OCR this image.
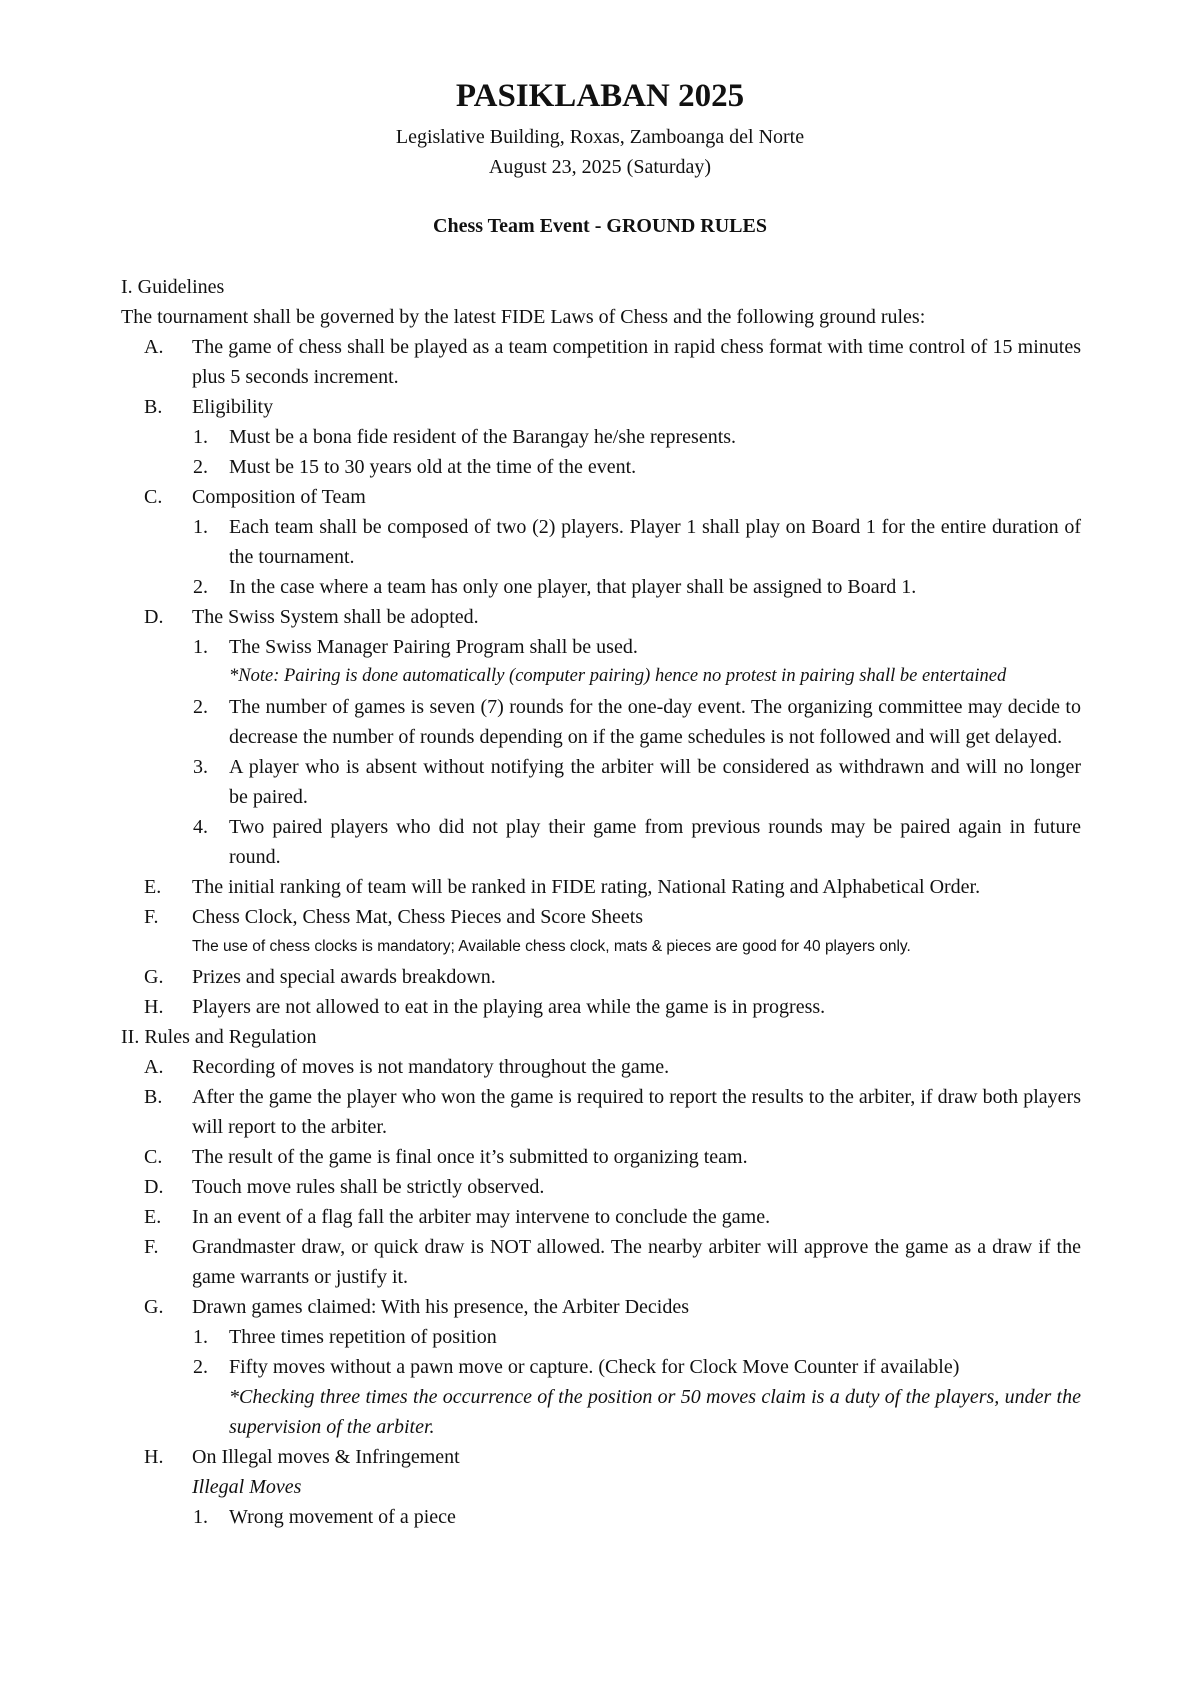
PASIKLABAN 2025
Legislative Building, Roxas, Zamboanga del Norte
August 23, 2025 (Saturday)
Chess Team Event - GROUND RULES
I. Guidelines
The tournament shall be governed by the latest FIDE Laws of Chess and the following ground rules:
A. The game of chess shall be played as a team competition in rapid chess format with time control of 15 minutes plus 5 seconds increment.
B. Eligibility
1. Must be a bona fide resident of the Barangay he/she represents.
2. Must be 15 to 30 years old at the time of the event.
C. Composition of Team
1. Each team shall be composed of two (2) players. Player 1 shall play on Board 1 for the entire duration of the tournament.
2. In the case where a team has only one player, that player shall be assigned to Board 1.
D. The Swiss System shall be adopted.
1. The Swiss Manager Pairing Program shall be used.
*Note: Pairing is done automatically (computer pairing) hence no protest in pairing shall be entertained
2. The number of games is seven (7) rounds for the one-day event. The organizing committee may decide to decrease the number of rounds depending on if the game schedules is not followed and will get delayed.
3. A player who is absent without notifying the arbiter will be considered as withdrawn and will no longer be paired.
4. Two paired players who did not play their game from previous rounds may be paired again in future round.
E. The initial ranking of team will be ranked in FIDE rating, National Rating and Alphabetical Order.
F. Chess Clock, Chess Mat, Chess Pieces and Score Sheets
The use of chess clocks is mandatory; Available chess clock, mats & pieces are good for 40 players only.
G. Prizes and special awards breakdown.
H. Players are not allowed to eat in the playing area while the game is in progress.
II. Rules and Regulation
A. Recording of moves is not mandatory throughout the game.
B. After the game the player who won the game is required to report the results to the arbiter, if draw both players will report to the arbiter.
C. The result of the game is final once it’s submitted to organizing team.
D. Touch move rules shall be strictly observed.
E. In an event of a flag fall the arbiter may intervene to conclude the game.
F. Grandmaster draw, or quick draw is NOT allowed. The nearby arbiter will approve the game as a draw if the game warrants or justify it.
G. Drawn games claimed: With his presence, the Arbiter Decides
1. Three times repetition of position
2. Fifty moves without a pawn move or capture. (Check for Clock Move Counter if available)
*Checking three times the occurrence of the position or 50 moves claim is a duty of the players, under the supervision of the arbiter.
H. On Illegal moves & Infringement
Illegal Moves
1. Wrong movement of a piece
